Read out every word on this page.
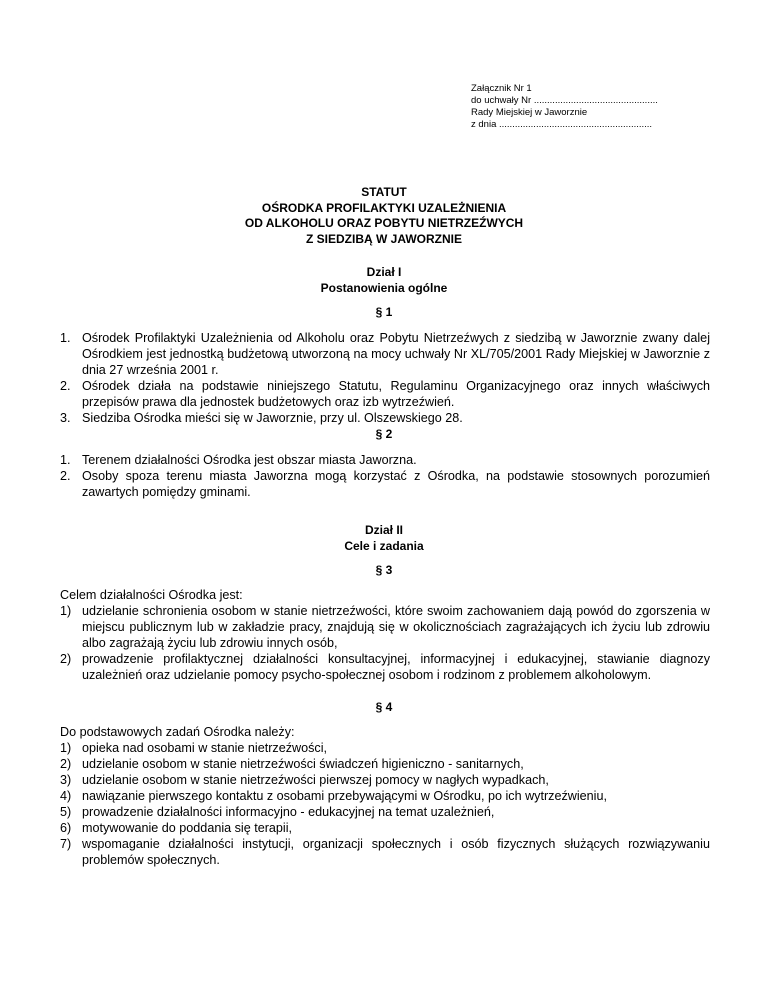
Załącznik Nr 1
do uchwały Nr ...............................................
Rady Miejskiej w Jaworznie
z dnia ..........................................................
STATUT
OŚRODKA PROFILAKTYKI UZALEŻNIENIA
OD ALKOHOLU ORAZ POBYTU NIETRZEŹWYCH
Z SIEDZIBĄ W JAWORZNIE
Dział I
Postanowienia ogólne
§ 1
1. Ośrodek Profilaktyki Uzależnienia od Alkoholu oraz Pobytu Nietrzeźwych z siedzibą w Jaworznie zwany dalej Ośrodkiem jest jednostką budżetową utworzoną na mocy uchwały Nr XL/705/2001 Rady Miejskiej w Jaworznie z dnia 27 września 2001 r.
2. Ośrodek działa na podstawie niniejszego Statutu, Regulaminu Organizacyjnego oraz innych właściwych przepisów prawa dla jednostek budżetowych oraz izb wytrzeźwień.
3. Siedziba Ośrodka mieści się w Jaworznie, przy ul. Olszewskiego 28.
§ 2
1. Terenem działalności Ośrodka jest obszar miasta Jaworzna.
2. Osoby spoza terenu miasta Jaworzna mogą korzystać z Ośrodka, na podstawie stosownych porozumień zawartych pomiędzy gminami.
Dział II
Cele i zadania
§ 3
Celem działalności Ośrodka jest:
1) udzielanie schronienia osobom w stanie nietrzeźwości, które swoim zachowaniem dają powód do zgorszenia w miejscu publicznym lub w zakładzie pracy, znajdują się w okolicznościach zagrażających ich życiu lub zdrowiu albo zagrażają życiu lub zdrowiu innych osób,
2) prowadzenie profilaktycznej działalności konsultacyjnej, informacyjnej i edukacyjnej, stawianie diagnozy uzależnień oraz udzielanie pomocy psycho-społecznej osobom i rodzinom z problemem alkoholowym.
§ 4
Do podstawowych zadań Ośrodka należy:
1) opieka nad osobami w stanie nietrzeźwości,
2) udzielanie osobom w stanie nietrzeźwości świadczeń higieniczno - sanitarnych,
3) udzielanie osobom w stanie nietrzeźwości pierwszej pomocy w nagłych wypadkach,
4) nawiązanie pierwszego kontaktu z osobami przebywającymi w Ośrodku, po ich wytrzeźwieniu,
5) prowadzenie działalności informacyjno - edukacyjnej na temat uzależnień,
6) motywowanie do poddania się terapii,
7) wspomaganie działalności instytucji, organizacji społecznych i osób fizycznych służących rozwiązywaniu problemów społecznych.
